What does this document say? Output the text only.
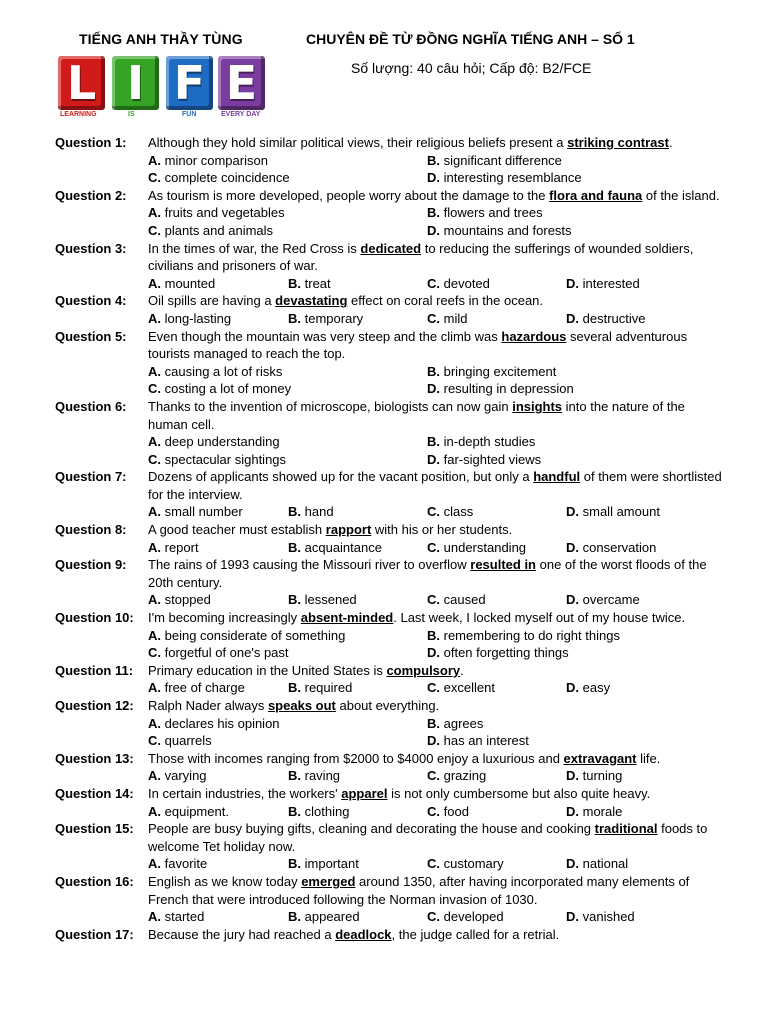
TIẾNG ANH THẦY TÙNG	CHUYÊN ĐỀ TỪ ĐỒNG NGHĨA TIẾNG ANH – SỐ 1
Số lượng: 40 câu hỏi; Cấp độ: B2/FCE
L I F E
LEARNING	IS	FUN	EVERY DAY
Question 1: Although they hold similar political views, their religious beliefs present a striking contrast.
A. minor comparison	B. significant difference
C. complete coincidence	D. interesting resemblance
Question 2: As tourism is more developed, people worry about the damage to the flora and fauna of the island.
A. fruits and vegetables	B. flowers and trees
C. plants and animals	D. mountains and forests
Question 3: In the times of war, the Red Cross is dedicated to reducing the sufferings of wounded soldiers, civilians and prisoners of war.
A. mounted	B. treat	C. devoted	D. interested
Question 4: Oil spills are having a devastating effect on coral reefs in the ocean.
A. long-lasting	B. temporary	C. mild	D. destructive
Question 5: Even though the mountain was very steep and the climb was hazardous several adventurous tourists managed to reach the top.
A. causing a lot of risks	B. bringing excitement
C. costing a lot of money	D. resulting in depression
Question 6: Thanks to the invention of microscope, biologists can now gain insights into the nature of the human cell.
A. deep understanding	B. in-depth studies
C. spectacular sightings	D. far-sighted views
Question 7: Dozens of applicants showed up for the vacant position, but only a handful of them were shortlisted for the interview.
A. small number	B. hand	C. class	D. small amount
Question 8: A good teacher must establish rapport with his or her students.
A. report	B. acquaintance	C. understanding	D. conservation
Question 9: The rains of 1993 causing the Missouri river to overflow resulted in one of the worst floods of the 20th century.
A. stopped	B. lessened	C. caused	D. overcame
Question 10: I'm becoming increasingly absent-minded. Last week, I locked myself out of my house twice.
A. being considerate of something	B. remembering to do right things
C. forgetful of one's past	D. often forgetting things
Question 11: Primary education in the United States is compulsory.
A. free of charge	B. required	C. excellent	D. easy
Question 12: Ralph Nader always speaks out about everything.
A. declares his opinion	B. agrees
C. quarrels	D. has an interest
Question 13: Those with incomes ranging from $2000 to $4000 enjoy a luxurious and extravagant life.
A. varying	B. raving	C. grazing	D. turning
Question 14: In certain industries, the workers' apparel is not only cumbersome but also quite heavy.
A. equipment.	B. clothing	C. food	D. morale
Question 15: People are busy buying gifts, cleaning and decorating the house and cooking traditional foods to welcome Tet holiday now.
A. favorite	B. important	C. customary	D. national
Question 16: English as we know today emerged around 1350, after having incorporated many elements of French that were introduced following the Norman invasion of 1030.
A. started	B. appeared	C. developed	D. vanished
Question 17: Because the jury had reached a deadlock, the judge called for a retrial.
